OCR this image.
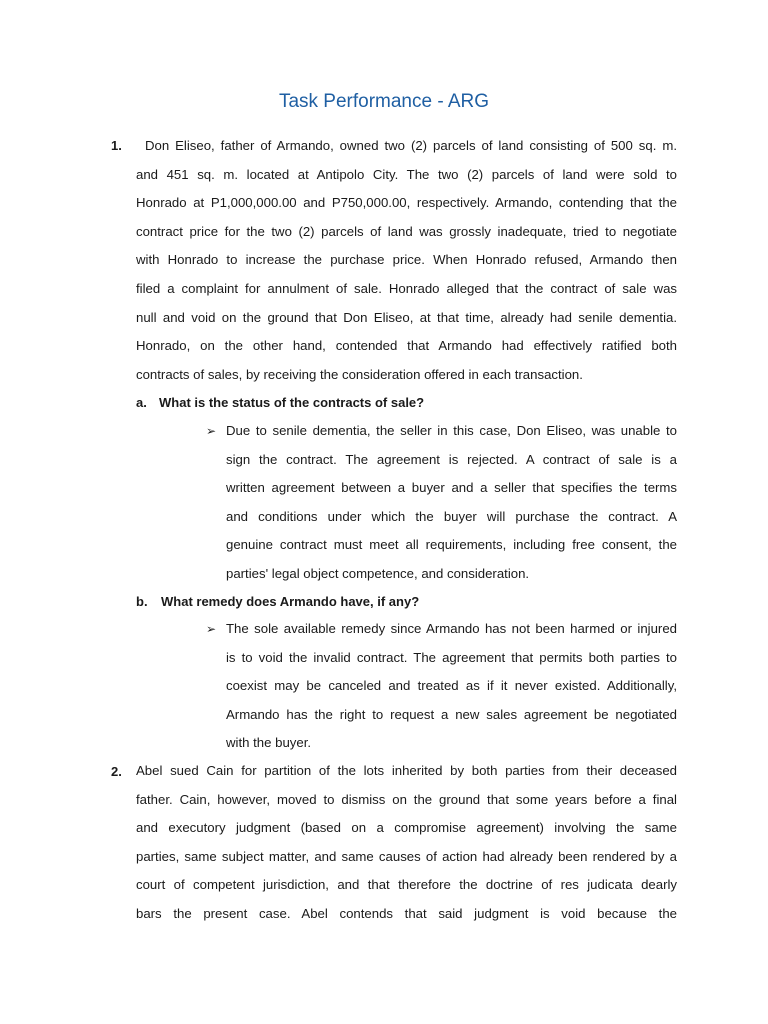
Task Performance - ARG
1.	Don Eliseo, father of Armando, owned two (2) parcels of land consisting of 500 sq. m.
and 451 sq. m. located at Antipolo City. The two (2) parcels of land were sold to
Honrado at P1,000,000.00 and P750,000.00, respectively. Armando, contending that the
contract price for the two (2) parcels of land was grossly inadequate, tried to negotiate
with Honrado to increase the purchase price. When Honrado refused, Armando then
filed a complaint for annulment of sale. Honrado alleged that the contract of sale was
null and void on the ground that Don Eliseo, at that time, already had senile dementia.
Honrado, on the other hand, contended that Armando had effectively ratified both
contracts of sales, by receiving the consideration offered in each transaction.
a. What is the status of the contracts of sale?
➢ Due to senile dementia, the seller in this case, Don Eliseo, was unable to
sign the contract. The agreement is rejected. A contract of sale is a
written agreement between a buyer and a seller that specifies the terms
and conditions under which the buyer will purchase the contract. A
genuine contract must meet all requirements, including free consent, the
parties' legal object competence, and consideration.
b. What remedy does Armando have, if any?
➢ The sole available remedy since Armando has not been harmed or injured
is to void the invalid contract. The agreement that permits both parties to
coexist may be canceled and treated as if it never existed. Additionally,
Armando has the right to request a new sales agreement be negotiated
with the buyer.
2. Abel sued Cain for partition of the lots inherited by both parties from their deceased
father. Cain, however, moved to dismiss on the ground that some years before a final
and executory judgment (based on a compromise agreement) involving the same
parties, same subject matter, and same causes of action had already been rendered by a
court of competent jurisdiction, and that therefore the doctrine of res judicata dearly
bars the present case. Abel contends that said judgment is void because the
